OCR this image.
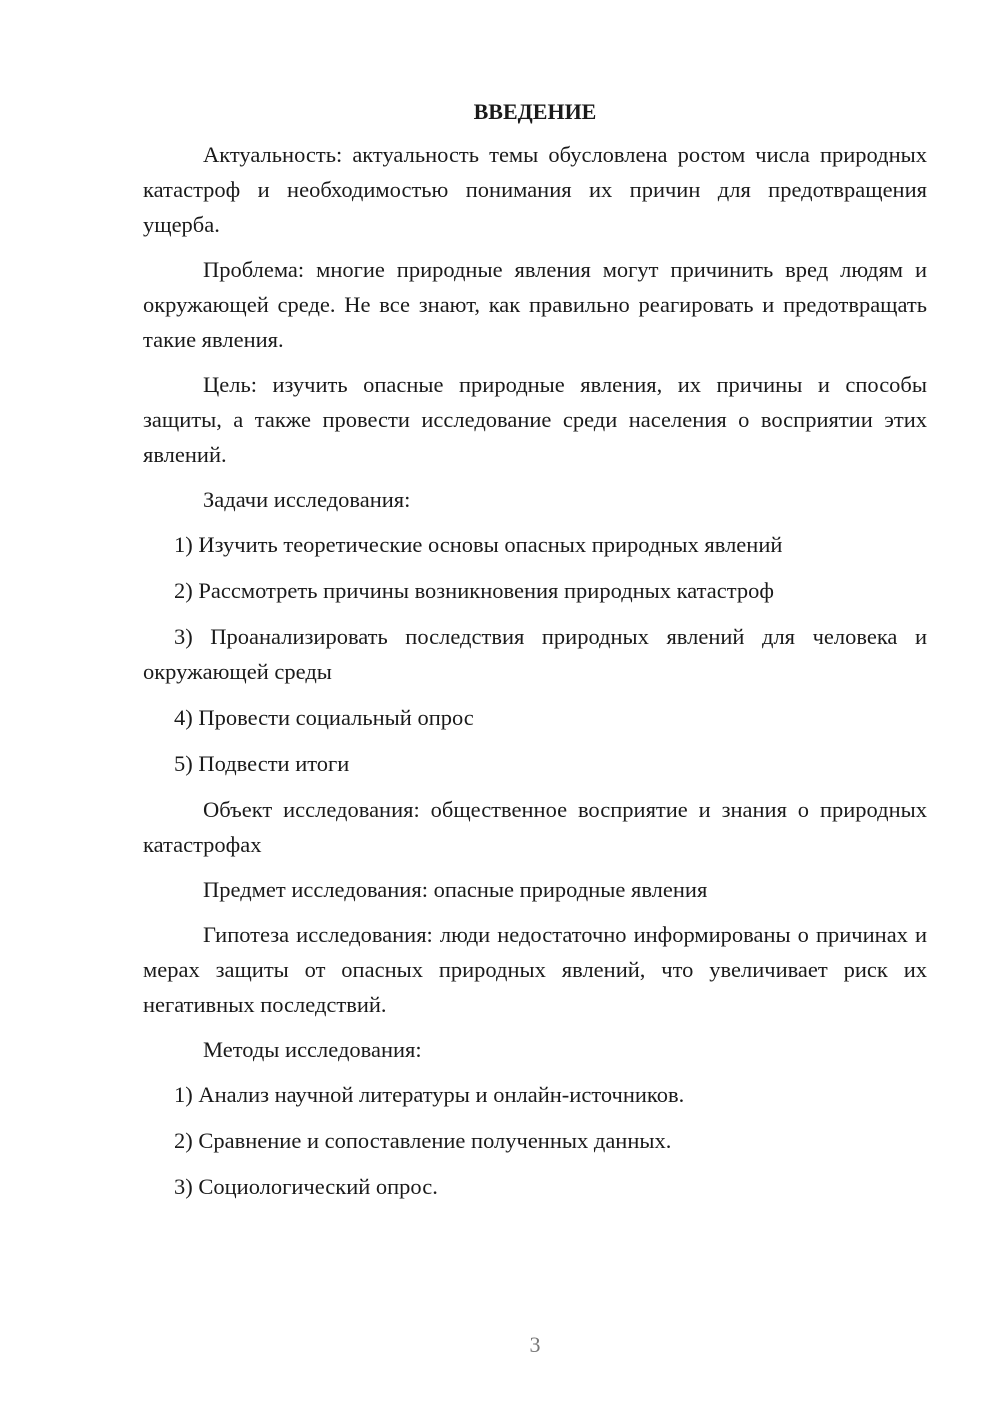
ВВЕДЕНИЕ

Актуальность: актуальность темы обусловлена ростом числа природных катастроф и необходимостью понимания их причин для предотвращения ущерба.

Проблема: многие природные явления могут причинить вред людям и окружающей среде. Не все знают, как правильно реагировать и предотвращать такие явления.

Цель: изучить опасные природные явления, их причины и способы защиты, а также провести исследование среди населения о восприятии этих явлений.

Задачи исследования:

1) Изучить теоретические основы опасных природных явлений

2) Рассмотреть причины возникновения природных катастроф

3) Проанализировать последствия природных явлений для человека и окружающей среды

4) Провести социальный опрос

5) Подвести итоги

Объект исследования: общественное восприятие и знания о природных катастрофах

Предмет исследования: опасные природные явления

Гипотеза исследования: люди недостаточно информированы о причинах и мерах защиты от опасных природных явлений, что увеличивает риск их негативных последствий.

Методы исследования:

1) Анализ научной литературы и онлайн-источников.

2) Сравнение и сопоставление полученных данных.

3) Социологический опрос.

3
